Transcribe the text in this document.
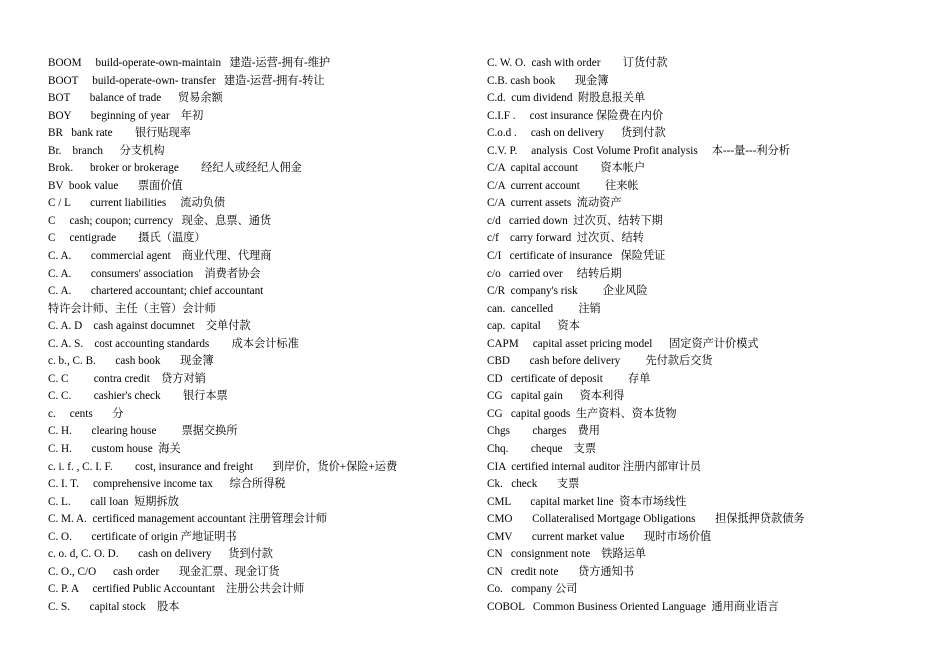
BOOM     build-operate-own-maintain   建造-运营-拥有-维护
BOOT     build-operate-own- transfer   建造-运营-拥有-转让
BOT       balance of trade      贸易余额
BOY       beginning of year    年初
BR   bank rate        银行贴现率
Br.    branch      分支机构
Brok.      broker or brokerage        经纪人或经纪人佣金
BV  book value       票面价值
C / L       current liabilities     流动负债
C     cash; coupon; currency   现金、息票、通货
C     centigrade        摄氏（温度）
C. A.       commercial agent    商业代理、代理商
C. A.       consumers' association    消费者协会
C. A.       chartered accountant; chief accountant
特许会计师、主任（主管）会计师
C. A. D    cash against documnet    交单付款
C. A. S.    cost accounting standards        成本会计标准
c. b., C. B.       cash book       现金簿
C. C         contra credit    贷方对销
C. C.        cashier's check        银行本票
c.     cents       分
C. H.       clearing house         票据交换所
C. H.       custom house  海关
c. i. f. , C. I. F.        cost, insurance and freight       到岸价，货价+保险+运费
C. I. T.     comprehensive income tax      综合所得税
C. L.       call loan  短期拆放
C. M. A.  certificed management accountant 注册管理会计师
C. O.       certificate of origin 产地证明书
c. o. d, C. O. D.       cash on delivery      货到付款
C. O., C/O      cash order       现金汇票、现金订货
C. P. A     certified Public Accountant    注册公共会计师
C. S.       capital stock    股本
C. W. O.  cash with order        订货付款
C.B. cash book       现金簿
C.d.  cum dividend  附股息报关单
C.I.F .     cost insurance 保险费在内价
C.o.d .     cash on delivery      货到付款
C.V. P.     analysis  Cost Volume Profit analysis     本---量---利分析
C/A  capital account        资本帐户
C/A  current account         往来帐
C/A  current assets  流动资产
c/d   carried down  过次页、结转下期
c/f    carry forward  过次页、结转
C/I   certificate of insurance   保险凭证
c/o   carried over     结转后期
C/R  company's risk         企业风险
can.  cancelled         注销
cap.  capital      资本
CAPM     capital asset pricing model      固定资产计价模式
CBD       cash before delivery         先付款后交货
CD   certificate of deposit         存单
CG   capital gain      资本利得
CG   capital goods  生产资料、资本货物
Chgs        charges    费用
Chq.        cheque    支票
CIA  certified internal auditor 注册内部审计员
Ck.   check       支票
CML       capital market line  资本市场线性
CMO       Collateralised Mortgage Obligations       担保抵押贷款债务
CMV       current market value       现时市场价值
CN   consignment note    铁路运单
CN   credit note       贷方通知书
Co.   company 公司
COBOL   Common Business Oriented Language  通用商业语言
